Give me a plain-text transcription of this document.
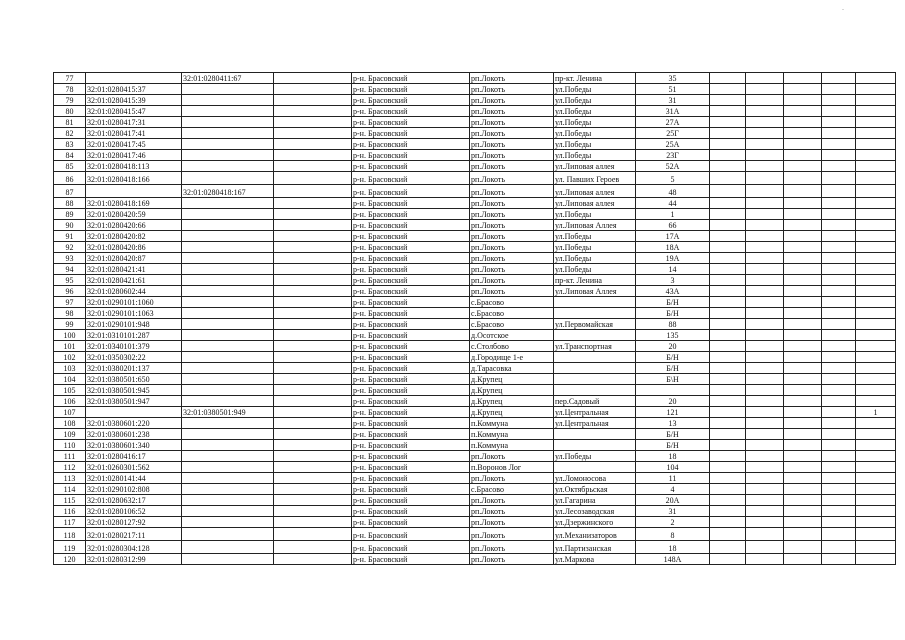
.
77		32:01:0280411:67		р-н. Брасовский	рп.Локоть	пр-кт. Ленина	35					
78	32:01:0280415:37			р-н. Брасовский	рп.Локоть	ул.Победы	51					
79	32:01:0280415:39			р-н. Брасовский	рп.Локоть	ул.Победы	31					
80	32:01:0280415:47			р-н. Брасовский	рп.Локоть	ул.Победы	31А					
81	32:01:0280417:31			р-н. Брасовский	рп.Локоть	ул.Победы	27А					
82	32:01:0280417:41			р-н. Брасовский	рп.Локоть	ул.Победы	25Г					
83	32:01:0280417:45			р-н. Брасовский	рп.Локоть	ул.Победы	25А					
84	32:01:0280417:46			р-н. Брасовский	рп.Локоть	ул.Победы	23Г					
85	32:01:0280418:113			р-н. Брасовский	рп.Локоть	ул.Липовая аллея	52А					
86	32:01:0280418:166			р-н. Брасовский	рп.Локоть	ул. Павших Героев	5					
87		32:01:0280418:167		р-н. Брасовский	рп.Локоть	ул.Липовая аллея	48					
88	32:01:0280418:169			р-н. Брасовский	рп.Локоть	ул.Липовая аллея	44					
89	32:01:0280420:59			р-н. Брасовский	рп.Локоть	ул.Победы	1					
90	32:01:0280420:66			р-н. Брасовский	рп.Локоть	ул.Липовая Аллея	66					
91	32:01:0280420:82			р-н. Брасовский	рп.Локоть	ул.Победы	17А					
92	32:01:0280420:86			р-н. Брасовский	рп.Локоть	ул.Победы	18А					
93	32:01:0280420:87			р-н. Брасовский	рп.Локоть	ул.Победы	19А					
94	32:01:0280421:41			р-н. Брасовский	рп.Локоть	ул.Победы	14					
95	32:01:0280421:61			р-н. Брасовский	рп.Локоть	пр-кт. Ленина	3					
96	32:01:0280602:44			р-н. Брасовский	рп.Локоть	ул.Липовая Аллея	43А					
97	32:01:0290101:1060			р-н. Брасовский	с.Брасово		Б/Н					
98	32:01:0290101:1063			р-н. Брасовский	с.Брасово		Б/Н					
99	32:01:0290101:948			р-н. Брасовский	с.Брасово	ул.Первомайская	88					
100	32:01:0310101:287			р-н. Брасовский	д.Осотское		135					
101	32:01:0340101:379			р-н. Брасовский	с.Столбово	ул.Транспортная	20					
102	32:01:0350302:22			р-н. Брасовский	д.Городище 1-е		Б/Н					
103	32:01:0380201:137			р-н. Брасовский	д.Тарасовка		Б/Н					
104	32:01:0380501:650			р-н. Брасовский	д.Крупец		Б\Н					
105	32:01:0380501:945			р-н. Брасовский	д.Крупец							
106	32:01:0380501:947			р-н. Брасовский	д.Крупец	пер.Садовый	20					
107		32:01:0380501:949		р-н. Брасовский	д.Крупец	ул.Центральная	121					1
108	32:01:0380601:220			р-н. Брасовский	п.Коммуна	ул.Центральная	13					
109	32:01:0380601:238			р-н. Брасовский	п.Коммуна		Б/Н					
110	32:01:0380601:340			р-н. Брасовский	п.Коммуна		Б/Н					
111	32:01:0280416:17			р-н. Брасовский	рп.Локоть	ул.Победы	18					
112	32:01:0260301:562			р-н. Брасовский	п.Воронов Лог		104					
113	32:01:0280141:44			р-н. Брасовский	рп.Локоть	ул.Ломоносова	11					
114	32:01:0290102:808			р-н. Брасовский	с.Брасово	ул.Октябрьская	4					
115	32:01:0280632:17			р-н. Брасовский	рп.Локоть	ул.Гагарина	20А					
116	32:01:0280106:52			р-н. Брасовский	рп.Локоть	ул.Лесозаводская	31					
117	32:01:0280127:92			р-н. Брасовский	рп.Локоть	ул.Дзержинского	2					
118	32:01:0280217:11			р-н. Брасовский	рп.Локоть	ул.Механизаторов	8					
119	32:01:0280304:128			р-н. Брасовский	рп.Локоть	ул.Партизанская	18					
120	32:01:0280312:99			р-н. Брасовский	рп.Локоть	ул.Маркова	148А					
